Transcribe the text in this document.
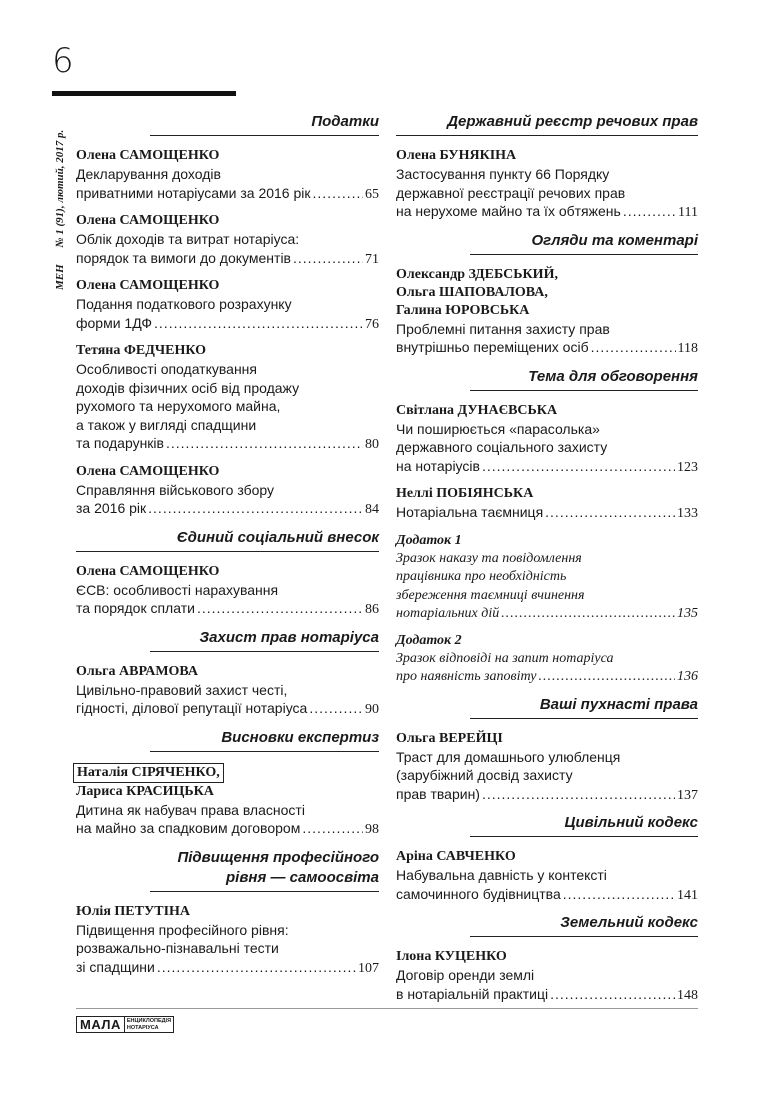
6
МЕН № 1 (91), лютий, 2017 р.
Податки
Олена САМОЩЕНКО
Декларування доходів
приватними нотаріусами за 2016 рік .....	65
Олена САМОЩЕНКО
Облік доходів та витрат нотаріуса:
порядок та вимоги до документів .....	71
Олена САМОЩЕНКО
Подання податкового розрахунку
форми 1ДФ .....	76
Тетяна ФЕДЧЕНКО
Особливості оподаткування
доходів фізичних осіб від продажу
рухомого та нерухомого майна,
а також у вигляді спадщини
та подарунків .....	80
Олена САМОЩЕНКО
Справляння військового збору
за 2016 рік .....	84
Єдиний соціальний внесок
Олена САМОЩЕНКО
ЄСВ: особливості нарахування
та порядок сплати .....	86
Захист прав нотаріуса
Ольга АВРАМОВА
Цивільно-правовий захист честі,
гідності, ділової репутації нотаріуса .....	90
Висновки експертиз
Наталія СІРЯЧЕНКО,
Лариса КРАСИЦЬКА
Дитина як набувач права власності
на майно за спадковим договором .....	98
Підвищення професійного
рівня — самоосвіта
Юлія ПЕТУТІНА
Підвищення професійного рівня:
розважально-пізнавальні тести
зі спадщини .....	107
Державний реєстр речових прав
Олена БУНЯКІНА
Застосування пункту 66 Порядку
державної реєстрації речових прав
на нерухоме майно та їх обтяжень .....	111
Огляди та коментарі
Олександр ЗДЕБСЬКИЙ,
Ольга ШАПОВАЛОВА,
Галина ЮРОВСЬКА
Проблемні питання захисту прав
внутрішньо переміщених осіб .....	118
Тема для обговорення
Світлана ДУНАЄВСЬКА
Чи поширюється «парасолька»
державного соціального захисту
на нотаріусів .....	123
Неллі ПОБІЯНСЬКА
Нотаріальна таємниця .....	133
Додаток 1
Зразок наказу та повідомлення
працівника про необхідність
збереження таємниці вчинення
нотаріальних дій .....	135
Додаток 2
Зразок відповіді на запит нотаріуса
про наявність заповіту .....	136
Ваші пухнасті права
Ольга ВЕРЕЙЦІ
Траст для домашнього улюбленця
(зарубіжний досвід захисту
прав тварин) .....	137
Цивільний кодекс
Аріна САВЧЕНКО
Набувальна давність у контексті
самочинного будівництва .....	141
Земельний кодекс
Ілона КУЦЕНКО
Договір оренди землі
в нотаріальній практиці .....	148
МАЛА	ЕНЦИКЛОПЕДІЯ
НОТАРІУСА
